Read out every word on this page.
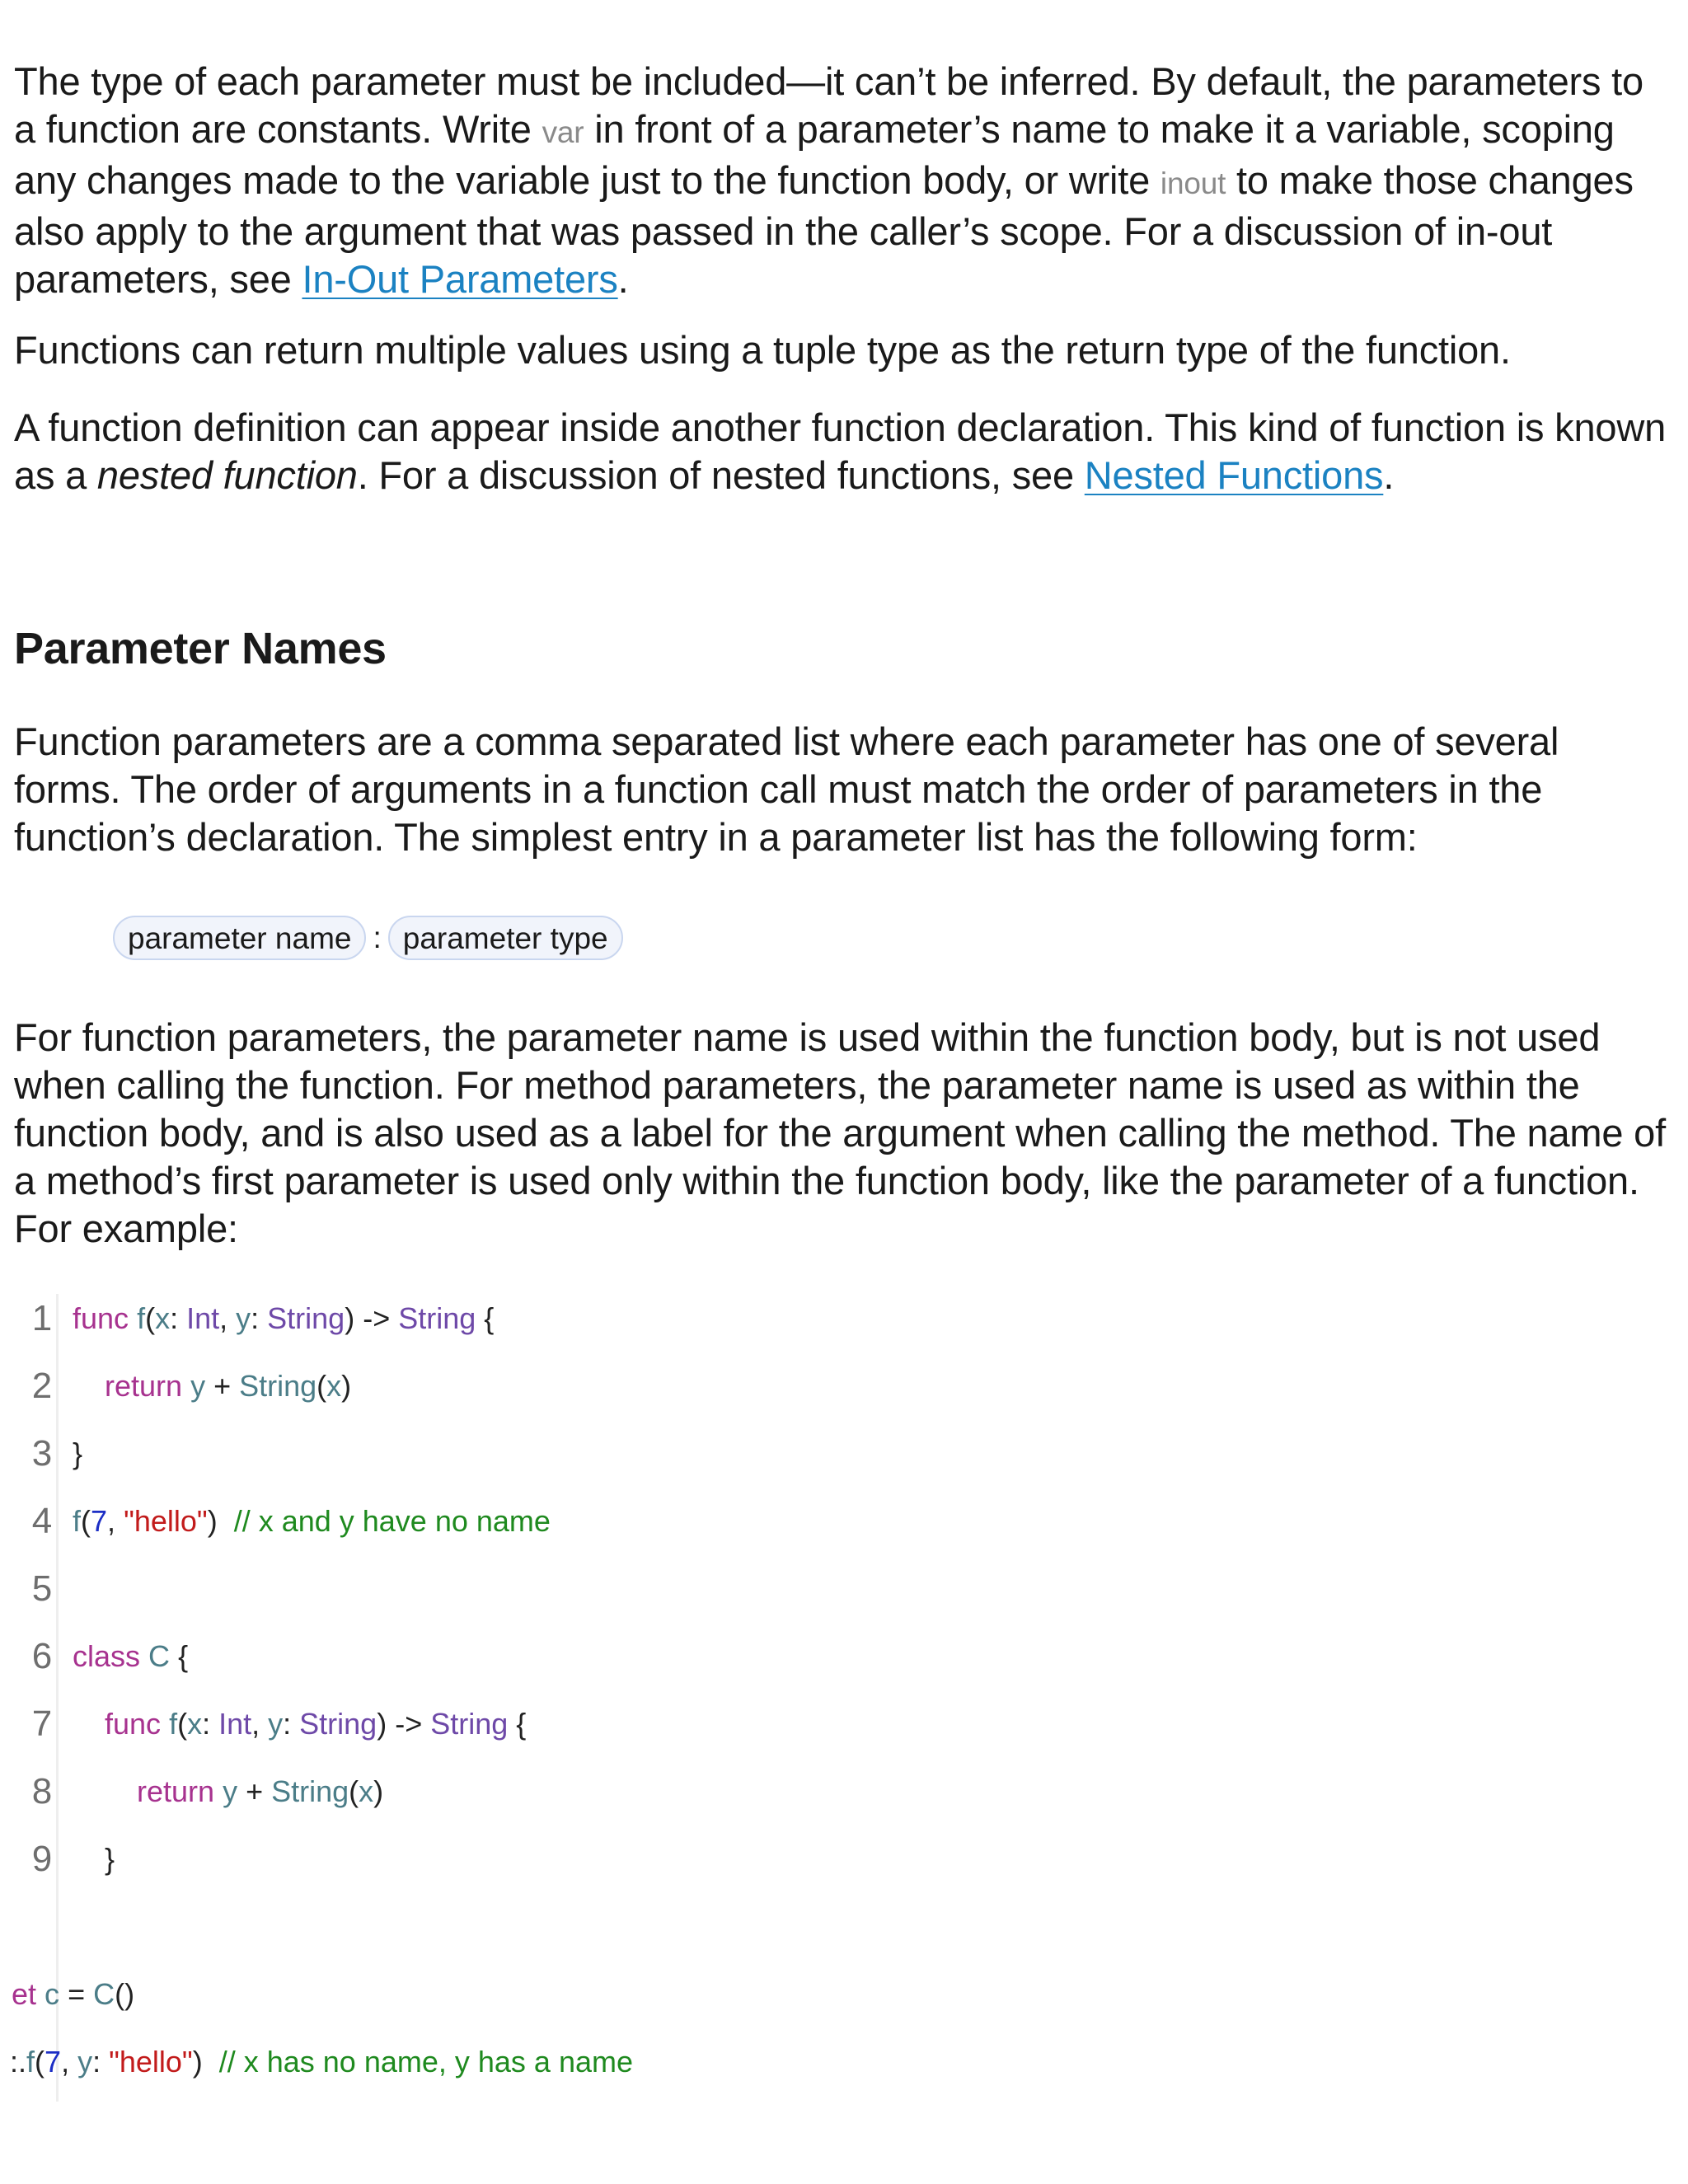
The type of each parameter must be included—it can’t be inferred. By default, the parameters to a function are constants. Write var in front of a parameter’s name to make it a variable, scoping any changes made to the variable just to the function body, or write inout to make those changes also apply to the argument that was passed in the caller’s scope. For a discussion of in-out parameters, see In-Out Parameters.

Functions can return multiple values using a tuple type as the return type of the function.

A function definition can appear inside another function declaration. This kind of function is known as a nested function. For a discussion of nested functions, see Nested Functions.

Parameter Names

Function parameters are a comma separated list where each parameter has one of several forms. The order of arguments in a function call must match the order of parameters in the function’s declaration. The simplest entry in a parameter list has the following form:

parameter name : parameter type

For function parameters, the parameter name is used within the function body, but is not used when calling the function. For method parameters, the parameter name is used as within the function body, and is also used as a label for the argument when calling the method. The name of a method’s first parameter is used only within the function body, like the parameter of a function. For example:

1
2
3
4
5
6
7
8
9
func f(x: Int, y: String) -> String {
return y + String(x)
}
f(7, "hello")  // x and y have no name
class C {
func f(x: Int, y: String) -> String {
return y + String(x)
}
et c = C()
:.f(7, y: "hello")  // x has no name, y has a name
